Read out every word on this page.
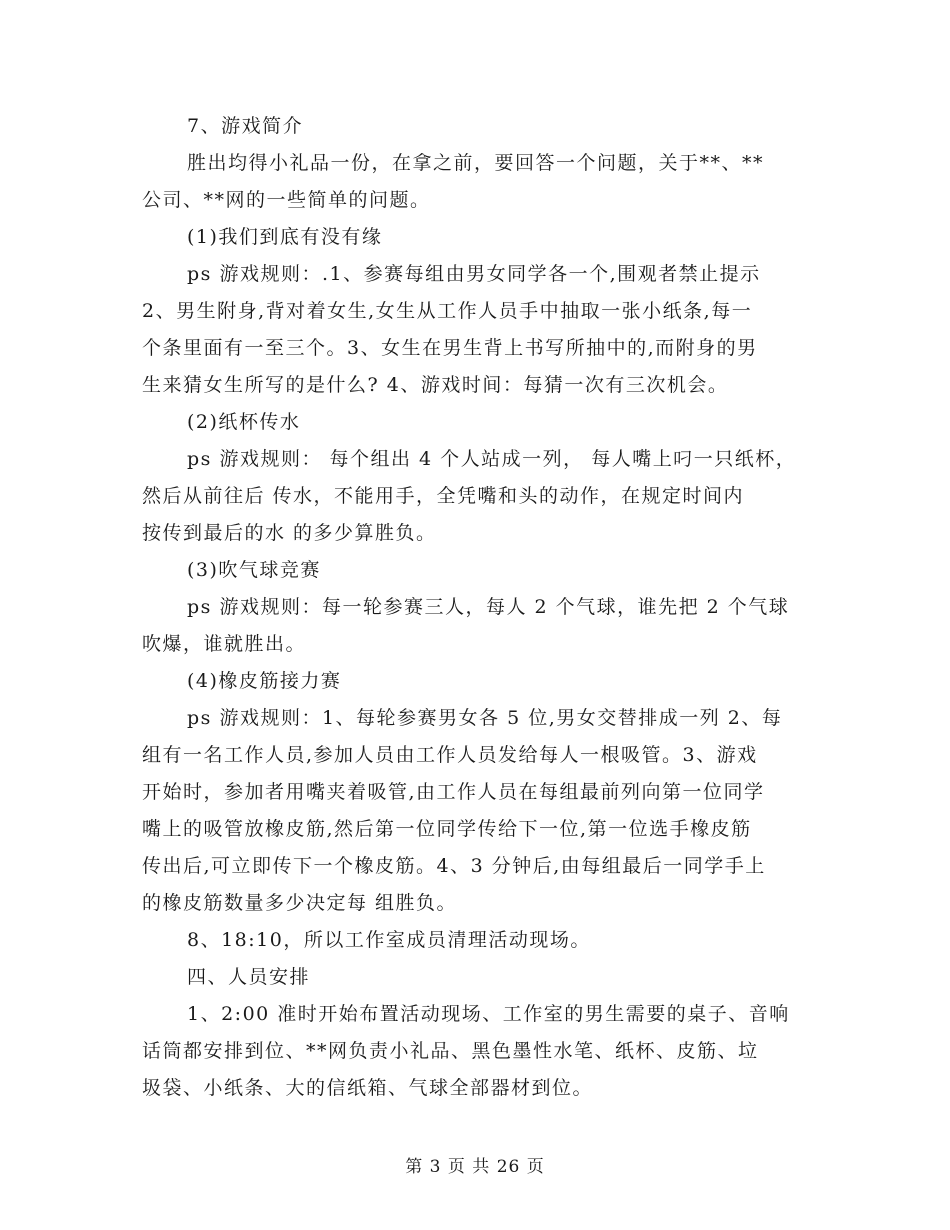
7、游戏简介
胜出均得小礼品一份，在拿之前，要回答一个问题，关于**、**
公司、**网的一些简单的问题。
(1)我们到底有没有缘
ps 游戏规则：.1、参赛每组由男女同学各一个,围观者禁止提示
2、男生附身,背对着女生,女生从工作人员手中抽取一张小纸条,每一
个条里面有一至三个。3、女生在男生背上书写所抽中的,而附身的男
生来猜女生所写的是什么? 4、游戏时间：每猜一次有三次机会。
(2)纸杯传水
ps 游戏规则： 每个组出 4 个人站成一列， 每人嘴上叼一只纸杯，
然后从前往后 传水，不能用手，全凭嘴和头的动作，在规定时间内
按传到最后的水 的多少算胜负。
(3)吹气球竞赛
ps 游戏规则：每一轮参赛三人，每人 2 个气球，谁先把 2 个气球
吹爆，谁就胜出。
(4)橡皮筋接力赛
ps 游戏规则：1、每轮参赛男女各 5 位,男女交替排成一列 2、每
组有一名工作人员,参加人员由工作人员发给每人一根吸管。3、游戏
开始时，参加者用嘴夹着吸管,由工作人员在每组最前列向第一位同学
嘴上的吸管放橡皮筋,然后第一位同学传给下一位,第一位选手橡皮筋
传出后,可立即传下一个橡皮筋。4、3 分钟后,由每组最后一同学手上
的橡皮筋数量多少决定每 组胜负。
8、18:10，所以工作室成员清理活动现场。
四、人员安排
1、2:00 准时开始布置活动现场、工作室的男生需要的桌子、音响
话筒都安排到位、**网负责小礼品、黑色墨性水笔、纸杯、皮筋、垃
圾袋、小纸条、大的信纸箱、气球全部器材到位。
第 3 页 共 26 页
